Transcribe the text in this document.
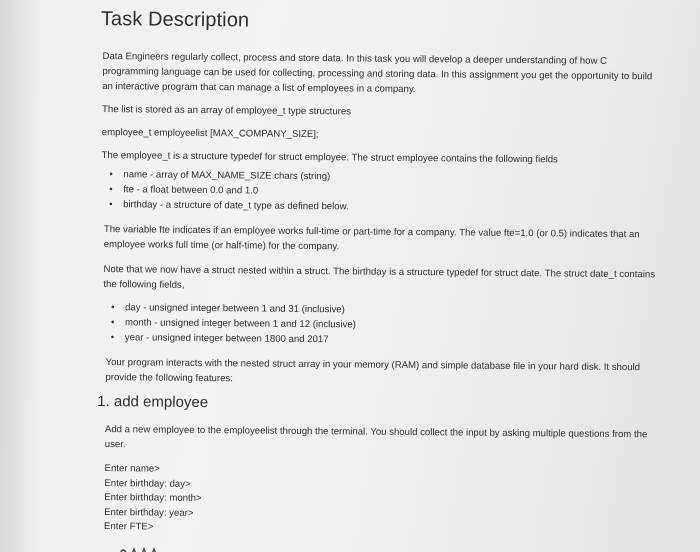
Task Description

Data Engineers regularly collect, process and store data. In this task you will develop a deeper understanding of how C programming language can be used for collecting, processing and storing data. In this assignment you get the opportunity to build an interactive program that can manage a list of employees in a company.

The list is stored as an array of employee_t type structures

employee_t employeelist [MAX_COMPANY_SIZE];

The employee_t is a structure typedef for struct employee. The struct employee contains the following fields

• name - array of MAX_NAME_SIZE chars (string)
• fte - a float between 0.0 and 1.0
• birthday - a structure of date_t type as defined below.

The variable fte indicates if an employee works full-time or part-time for a company. The value fte=1.0 (or 0.5) indicates that an employee works full time (or half-time) for the company.

Note that we now have a struct nested within a struct. The birthday is a structure typedef for struct date. The struct date_t contains the following fields,

• day - unsigned integer between 1 and 31 (inclusive)
• month - unsigned integer between 1 and 12 (inclusive)
• year - unsigned integer between 1800 and 2017

Your program interacts with the nested struct array in your memory (RAM) and simple database file in your hard disk. It should provide the following features:

1. add employee

Add a new employee to the employeelist through the terminal. You should collect the input by asking multiple questions from the user.

Enter name>
Enter birthday: day>
Enter birthday: month>
Enter birthday: year>
Enter FTE>
